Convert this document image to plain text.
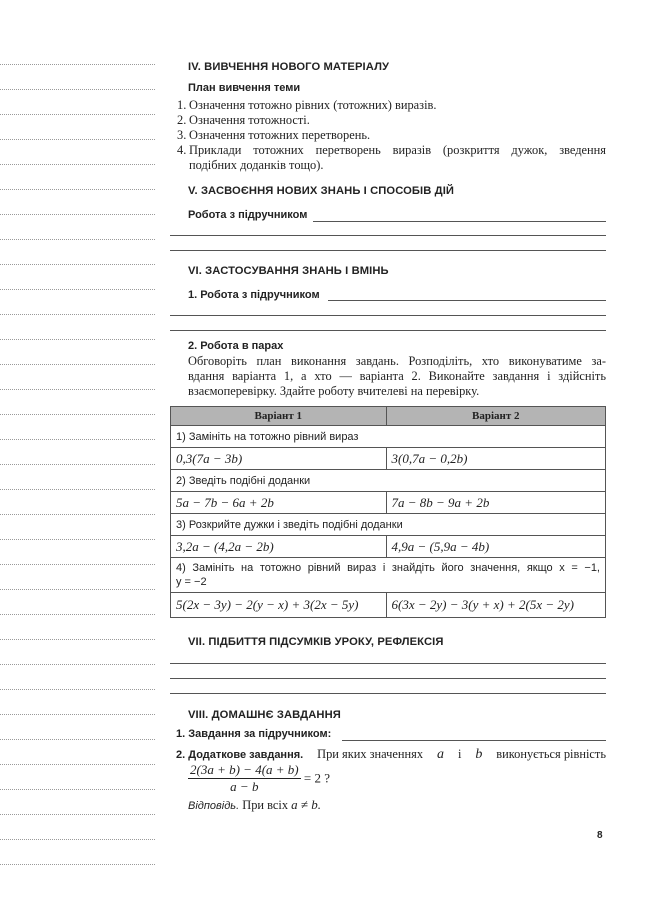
IV. ВИВЧЕННЯ НОВОГО МАТЕРІАЛУ
План вивчення теми
1. Означення тотожно рівних (тотожних) виразів.
2. Означення тотожності.
3. Означення тотожних перетворень.
4. Приклади тотожних перетворень виразів (розкриття дужок, зведення
подібних доданків тощо).
V. ЗАСВОЄННЯ НОВИХ ЗНАНЬ І СПОСОБІВ ДІЙ
Робота з підручником
VI. ЗАСТОСУВАННЯ ЗНАНЬ І ВМІНЬ
1. Робота з підручником
2. Робота в парах
Обговоріть план виконання завдань. Розподіліть, хто виконуватиме за-
вдання варіанта 1, а хто — варіанта 2. Виконайте завдання і здійсніть
взаємоперевірку. Здайте роботу вчителеві на перевірку.
Варіант 1	Варіант 2
1) Замініть на тотожно рівний вираз	
0,3(7a − 3b)	3(0,7a − 0,2b)
2) Зведіть подібні доданки	
5a − 7b − 6a + 2b	7a − 8b − 9a + 2b
3) Розкрийте дужки і зведіть подібні доданки	
3,2a − (4,2a − 2b)	4,9a − (5,9a − 4b)

4) Замініть на тотожно рівний вираз і знайдіть його значення, якщо x = −1,
y = −2	

5(2x − 3y) − 2(y − x) + 3(2x − 5y)	6(3x − 2y) − 3(y + x) + 2(5x − 2y)
VII. ПІДБИТТЯ ПІДСУМКІВ УРОКУ, РЕФЛЕКСІЯ
VIII. ДОМАШНЄ ЗАВДАННЯ
1. Завдання за підручником:
2. Додаткове завдання. При яких значеннях a і b виконується рівність
$\frac{2(3a + b) - 4(a + b)}{a - b} = 2$ ?
Відповідь. При всіх a ≠ b.
8
